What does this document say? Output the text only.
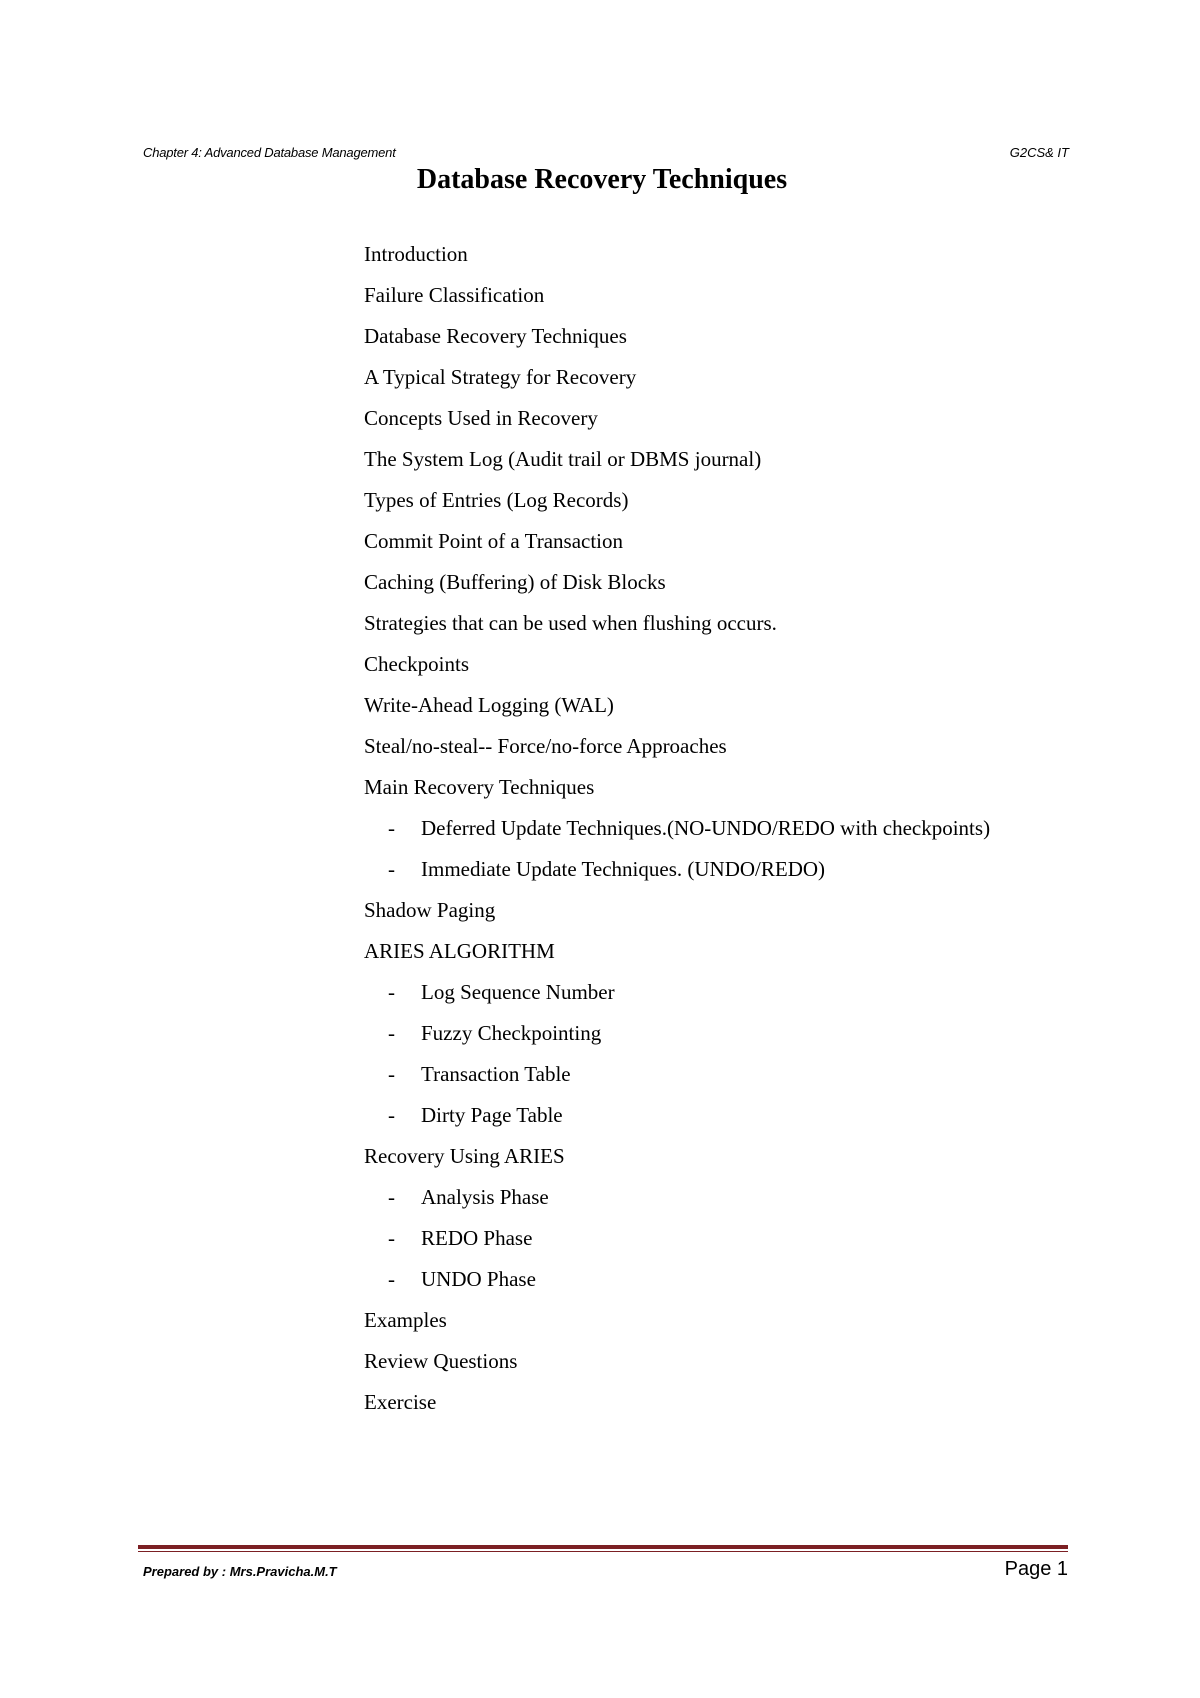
Chapter 4: Advanced Database Management	G2CS& IT
Database Recovery Techniques
Introduction
Failure Classification
Database Recovery Techniques
A Typical Strategy for Recovery
Concepts Used in Recovery
The System Log (Audit trail or DBMS journal)
Types of Entries (Log Records)
Commit Point of a Transaction
Caching (Buffering) of Disk Blocks
Strategies that can be used when flushing occurs.
Checkpoints
Write-Ahead Logging (WAL)
Steal/no-steal-- Force/no-force Approaches
Main Recovery Techniques
- Deferred Update Techniques.(NO-UNDO/REDO with checkpoints)
- Immediate Update Techniques. (UNDO/REDO)
Shadow Paging
ARIES ALGORITHM
- Log Sequence Number
- Fuzzy Checkpointing
- Transaction Table
- Dirty Page Table
Recovery Using ARIES
- Analysis Phase
- REDO Phase
- UNDO Phase
Examples
Review Questions
Exercise
Prepared by : Mrs.Pravicha.M.T	Page 1
